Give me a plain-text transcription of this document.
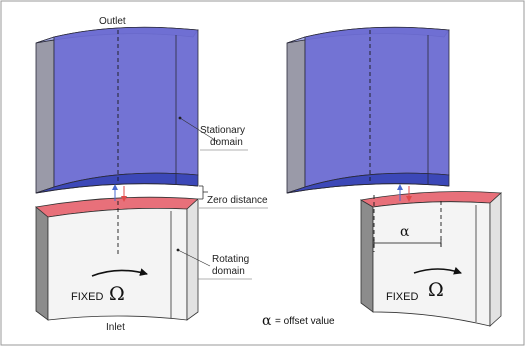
Zero distance
Stationary
domain
Rotating
domain
Outlet
Inlet
Ω
FIXED
α
Ω
FIXED
α = offset value
